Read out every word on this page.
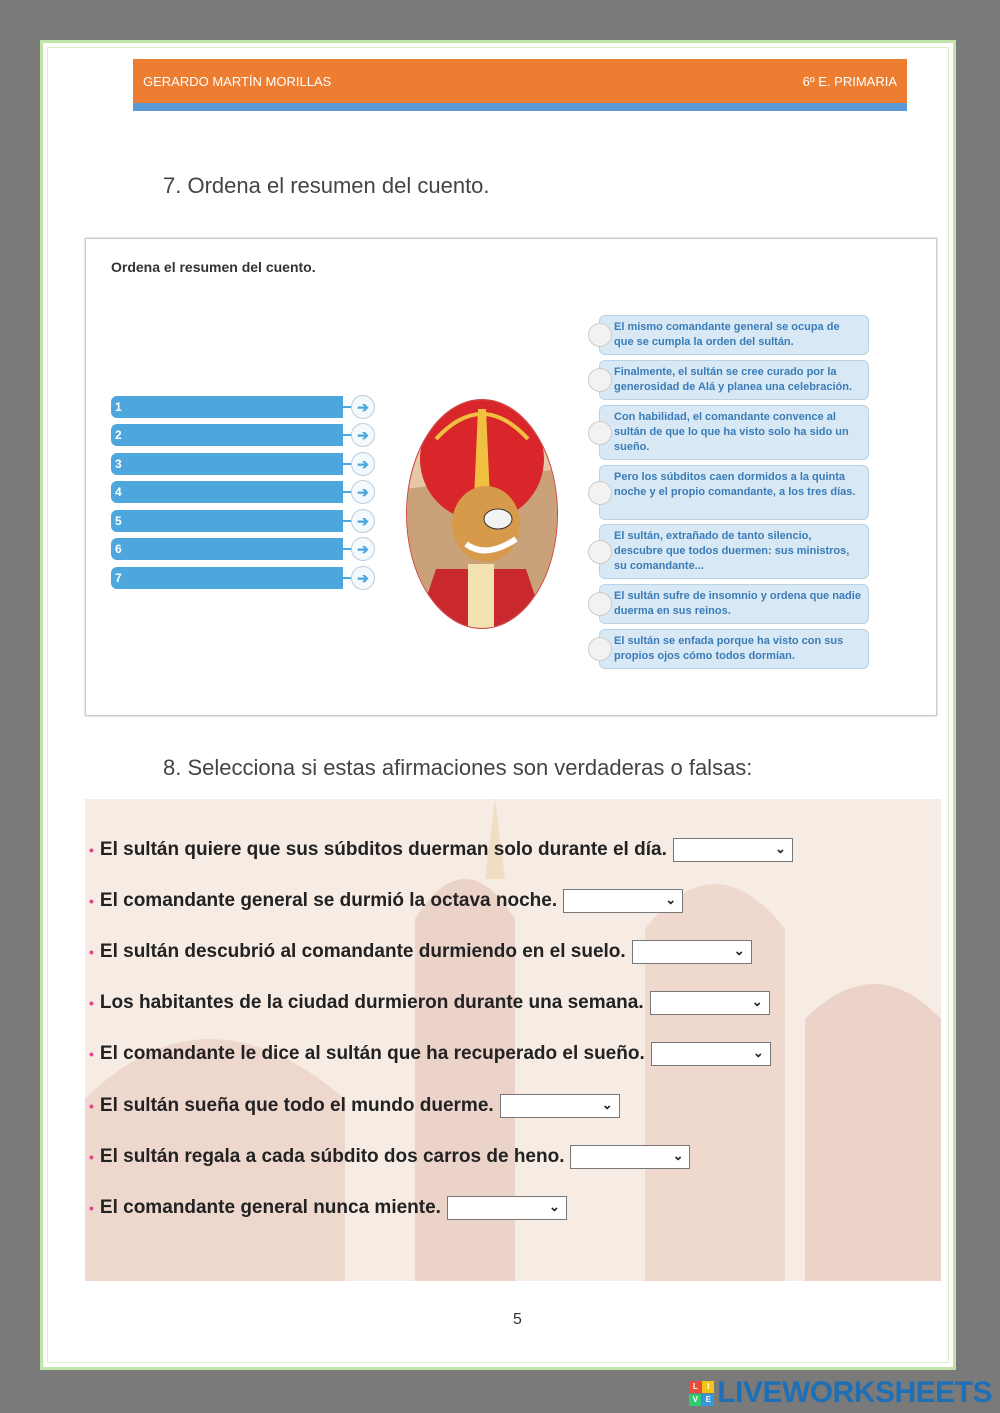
GERARDO MARTÍN MORILLAS	6º E. PRIMARIA
7. Ordena el resumen del cuento.
Ordena el resumen del cuento.
1	➔
2	➔
3	➔
4	➔
5	➔
6	➔
7	➔
El mismo comandante general se ocupa de que se cumpla la orden del sultán.
Finalmente, el sultán se cree curado por la generosidad de Alá y planea una celebración.
Con habilidad, el comandante convence al sultán de que lo que ha visto solo ha sido un sueño.
Pero los súbditos caen dormidos a la quinta noche y el propio comandante, a los tres días.
El sultán, extrañado de tanto silencio, descubre que todos duermen: sus ministros, su comandante...
El sultán sufre de insomnio y ordena que nadie duerma en sus reinos.
El sultán se enfada porque ha visto con sus propios ojos cómo todos dormían.
8. Selecciona si estas afirmaciones son verdaderas o falsas:
• El sultán quiere que sus súbditos duerman solo durante el día.	⌄
• El comandante general se durmió la octava noche.	⌄
• El sultán descubrió al comandante durmiendo en el suelo.	⌄
• Los habitantes de la ciudad durmieron durante una semana.	⌄
• El comandante le dice al sultán que ha recuperado el sueño.	⌄
• El sultán sueña que todo el mundo duerme.	⌄
• El sultán regala a cada súbdito dos carros de heno.	⌄
• El comandante general nunca miente.	⌄
5
L	I
V E LIVEWORKSHEETS
